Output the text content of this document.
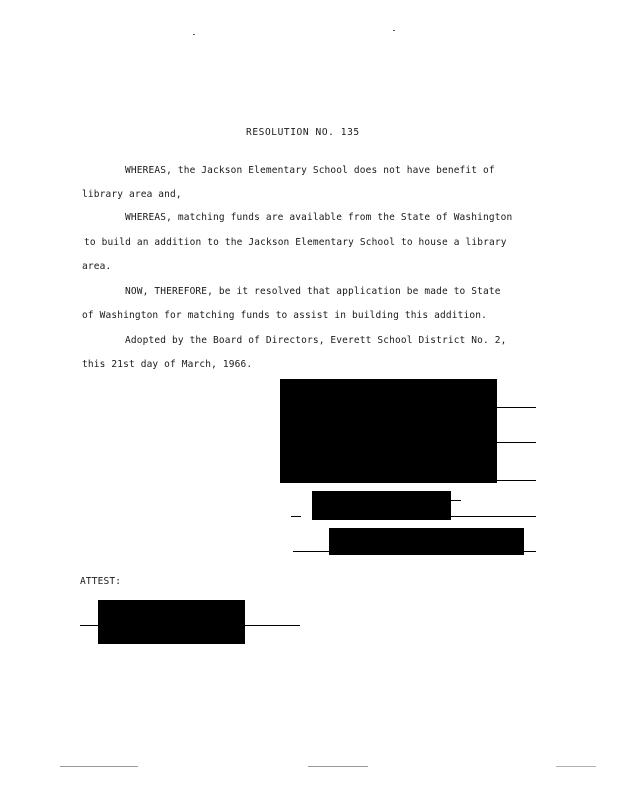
RESOLUTION NO. 135
WHEREAS, the Jackson Elementary School does not have benefit of
library area and,
WHEREAS, matching funds are available from the State of Washington
to build an addition to the Jackson Elementary School to house a library
area.
NOW, THEREFORE, be it resolved that application be made to State
of Washington for matching funds to assist in building this addition.
Adopted by the Board of Directors, Everett School District No. 2,
this 21st day of March, 1966.
ATTEST:
